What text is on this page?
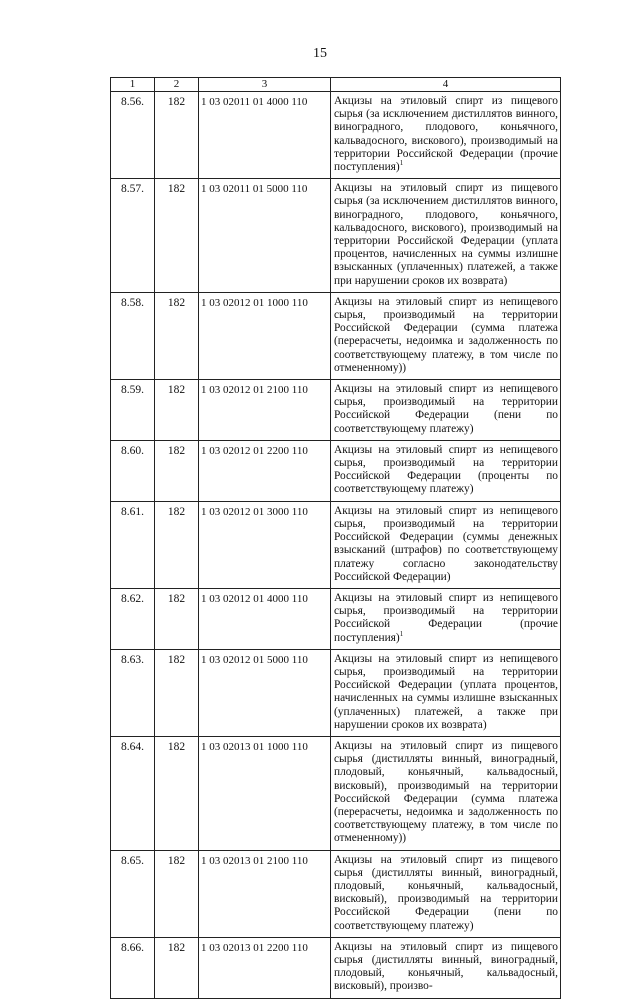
15
1	2	3	4
8.56.	182	1 03 02011 01 4000 110	Акцизы на этиловый спирт из пищевого сырья (за исключением дистиллятов винного, виноградного, плодового, коньячного, кальвадосного, вискового), производимый на территории Российской Федерации (прочие поступления)$^1$
8.57.	182	1 03 02011 01 5000 110	Акцизы на этиловый спирт из пищевого сырья (за исключением дистиллятов винного, виноградного, плодового, коньячного, кальвадосного, вискового), производимый на территории Российской Федерации (уплата процентов, начисленных на суммы излишне взысканных (уплаченных) платежей, а также при нарушении сроков их возврата)
8.58.	182	1 03 02012 01 1000 110	Акцизы на этиловый спирт из непищевого сырья, производимый на территории Российской Федерации (сумма платежа (перерасчеты, недоимка и задолженность по соответствующему платежу, в том числе по отмененному))
8.59.	182	1 03 02012 01 2100 110	Акцизы на этиловый спирт из непищевого сырья, производимый на территории Российской Федерации (пени по соответствующему платежу)
8.60.	182	1 03 02012 01 2200 110	Акцизы на этиловый спирт из непищевого сырья, производимый на территории Российской Федерации (проценты по соответствующему платежу)
8.61.	182	1 03 02012 01 3000 110	Акцизы на этиловый спирт из непищевого сырья, производимый на территории Российской Федерации (суммы денежных взысканий (штрафов) по соответствующему платежу согласно законодательству Российской Федерации)
8.62.	182	1 03 02012 01 4000 110	Акцизы на этиловый спирт из непищевого сырья, производимый на территории Российской Федерации (прочие поступления)$^1$
8.63.	182	1 03 02012 01 5000 110	Акцизы на этиловый спирт из непищевого сырья, производимый на территории Российской Федерации (уплата процентов, начисленных на суммы излишне взысканных (уплаченных) платежей, а также при нарушении сроков их возврата)
8.64.	182	1 03 02013 01 1000 110	Акцизы на этиловый спирт из пищевого сырья (дистилляты винный, виноградный, плодовый, коньячный, кальвадосный, висковый), производимый на территории Российской Федерации (сумма платежа (перерасчеты, недоимка и задолженность по соответствующему платежу, в том числе по отмененному))
8.65.	182	1 03 02013 01 2100 110	Акцизы на этиловый спирт из пищевого сырья (дистилляты винный, виноградный, плодовый, коньячный, кальвадосный, висковый), производимый на территории Российской Федерации (пени по соответствующему платежу)
8.66.	182	1 03 02013 01 2200 110	Акцизы на этиловый спирт из пищевого сырья (дистилляты винный, виноградный, плодовый, коньячный, кальвадосный, висковый), произво-
